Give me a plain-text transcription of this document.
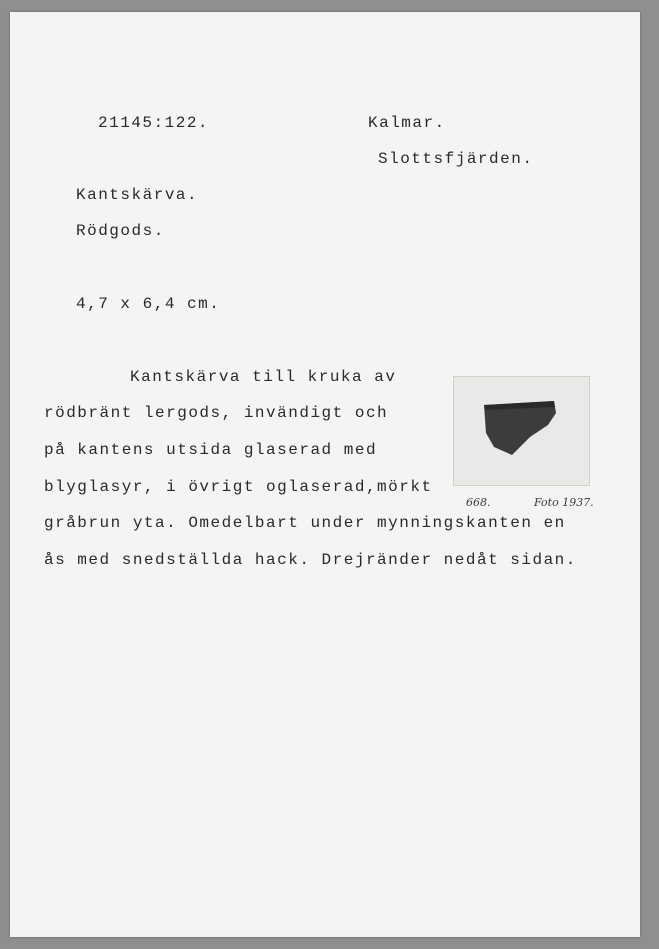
21145:122.	Kalmar.
Slottsfjärden.
Kantskärva.
Rödgods.
4,7 x 6,4 cm.
Kantskärva till kruka av
rödbränt lergods, invändigt och
på kantens utsida glaserad med
blyglasyr, i övrigt oglaserad,mörkt
gråbrun yta. Omedelbart under mynningskanten en
ås med snedställda hack. Drejränder nedåt sidan.
668.	Foto 1937.
